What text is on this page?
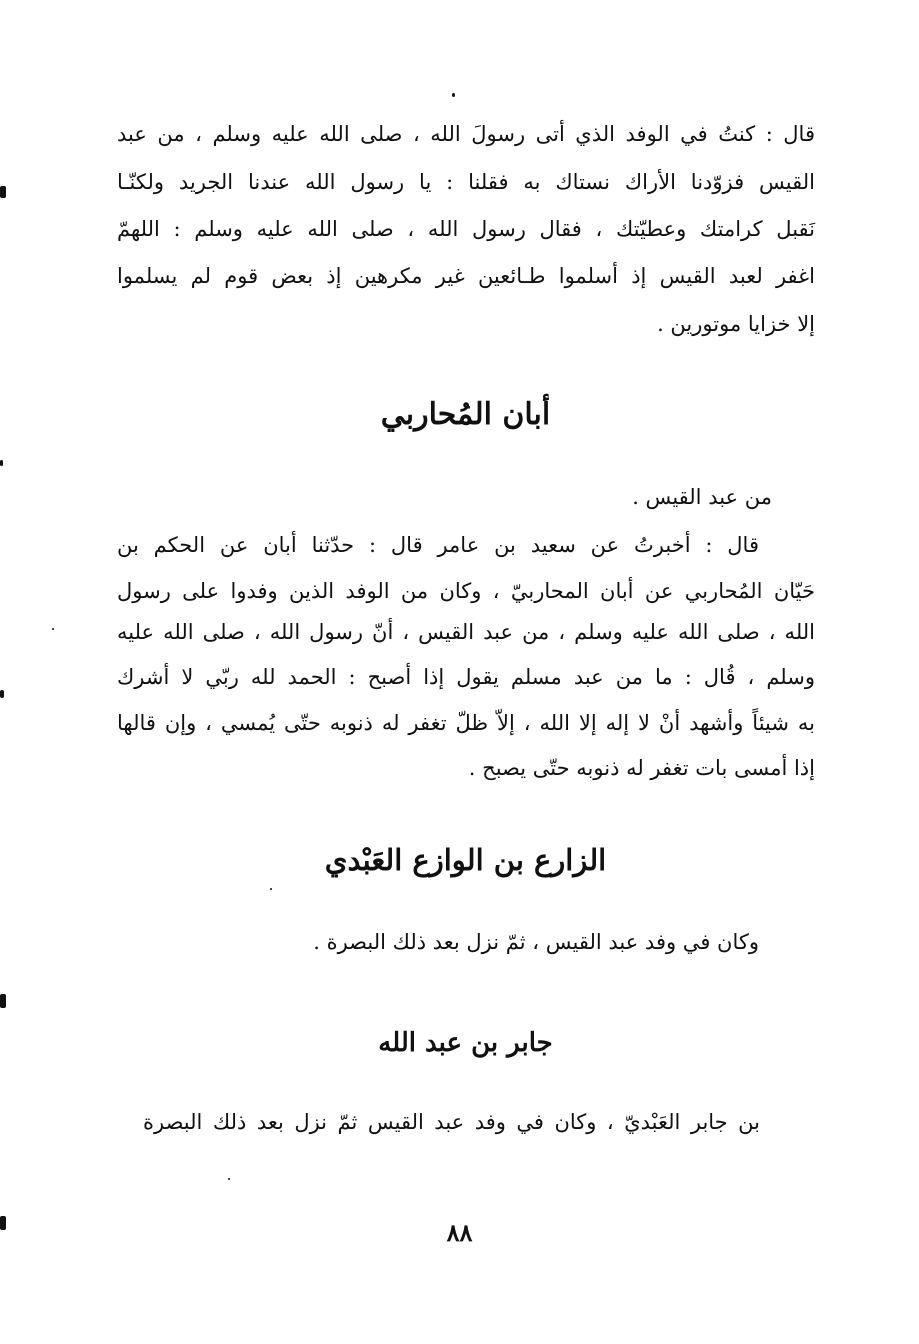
قال : كنتُ في الوفد الذي أتى رسولَ الله ، صلى الله عليه وسلم ، من عبد
القيس فزوّدنا الأراك نستاك به فقلنا : يا رسول الله عندنا الجريد ولكنّـا
نَقبل كرامتك وعطيّتك ، فقال رسول الله ، صلى الله عليه وسلم : اللهمّ
اغفر لعبد القيس إذ أسلموا طـائعين غير مكرهين إذ بعض قوم لم يسلموا
إلا خزايا موتورين .
أبان المُحاربي
من عبد القيس .
قال : أخبرتُ عن سعيد بن عامر قال : حدّثنا أبان عن الحكم بن
حَيّان المُحاربي عن أبان المحاربيّ ، وكان من الوفد الذين وفدوا على رسول
الله ، صلى الله عليه وسلم ، من عبد القيس ، أنّ رسول الله ، صلى الله عليه
وسلم ، قُال : ما من عبد مسلم يقول إذا أصبح : الحمد لله ربّي لا أشرك
به شيئاً وأشهد أنْ لا إله إلا الله ، إلاّ ظلّ تغفر له ذنوبه حتّى يُمسي ، وإن قالها
إذا أمسى بات تغفر له ذنوبه حتّى يصبح .
الزارع بن الوازع العَبْدي
وكان في وفد عبد القيس ، ثمّ نزل بعد ذلك البصرة .
جابر بن عبد الله
بن جابر العَبْديّ ، وكان في وفد عبد القيس ثمّ نزل بعد ذلك البصرة
٨٨
